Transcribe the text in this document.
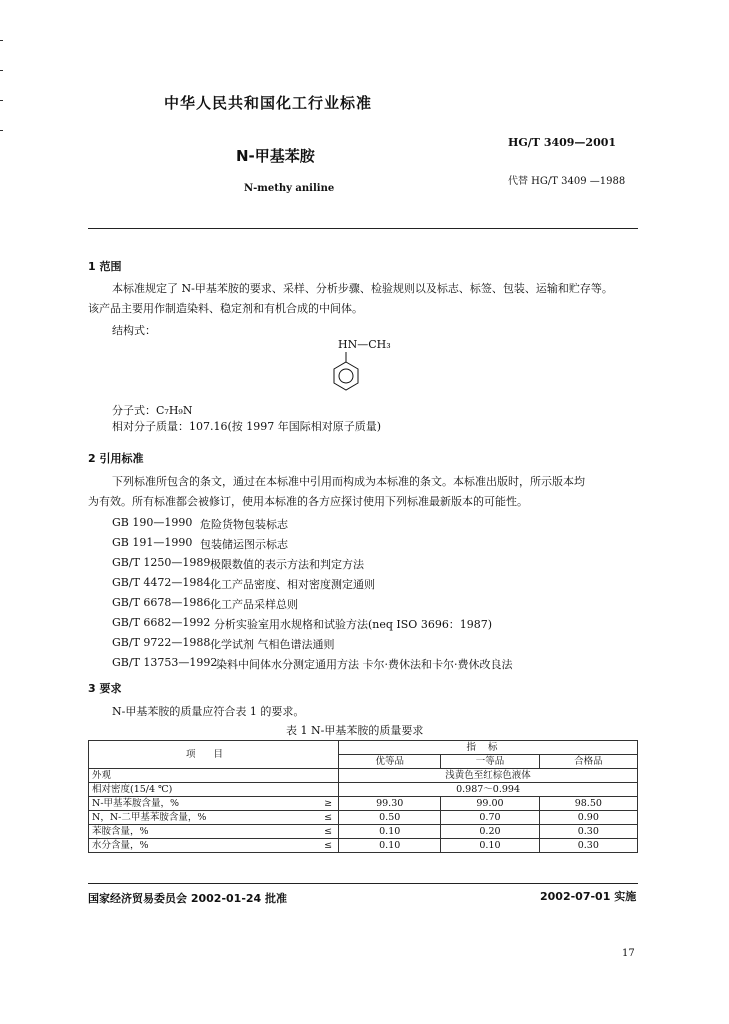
中华人民共和国化工行业标准
N-甲基苯胺
N-methy aniline
HG/T 3409—2001
代替 HG/T 3409 —1988
1 范围
本标准规定了 N-甲基苯胺的要求、采样、分析步骤、检验规则以及标志、标签、包装、运输和贮存等。
该产品主要用作制造染料、稳定剂和有机合成的中间体。
结构式：
HN—CH₃
分子式：C₇H₉N
相对分子质量：107.16(按 1997 年国际相对原子质量)
2 引用标准
下列标准所包含的条文，通过在本标准中引用而构成为本标准的条文。本标准出版时，所示版本均
为有效。所有标准都会被修订，使用本标准的各方应探讨使用下列标准最新版本的可能性。
GB 190—1990 危险货物包装标志
GB 191—1990 包装储运图示标志
GB/T 1250—1989 极限数值的表示方法和判定方法
GB/T 4472—1984 化工产品密度、相对密度测定通则
GB/T 6678—1986 化工产品采样总则
GB/T 6682—1992 分析实验室用水规格和试验方法(neq ISO 3696：1987)
GB/T 9722—1988 化学试剂 气相色谱法通则
GB/T 13753—1992
染料中间体水分测定通用方法 卡尔·费休法和卡尔·费休改良法
3 要求
N-甲基苯胺的质量应符合表 1 的要求。
表 1 N-甲基苯胺的质量要求
项目		指标		
		优等品	一等品	合格品
外观		浅黄色至红棕色液体		
相对密度(15/4 ℃)		0.987～0.994		
N-甲基苯胺含量，%	≥	99.30	99.00	98.50
N，N-二甲基苯胺含量，%	≤	0.50	0.70	0.90
苯胺含量，%	≤	0.10	0.20	0.30
水分含量，%	≤	0.10	0.10	0.30
国家经济贸易委员会 2002-01-24 批准	2002-07-01 实施
17
